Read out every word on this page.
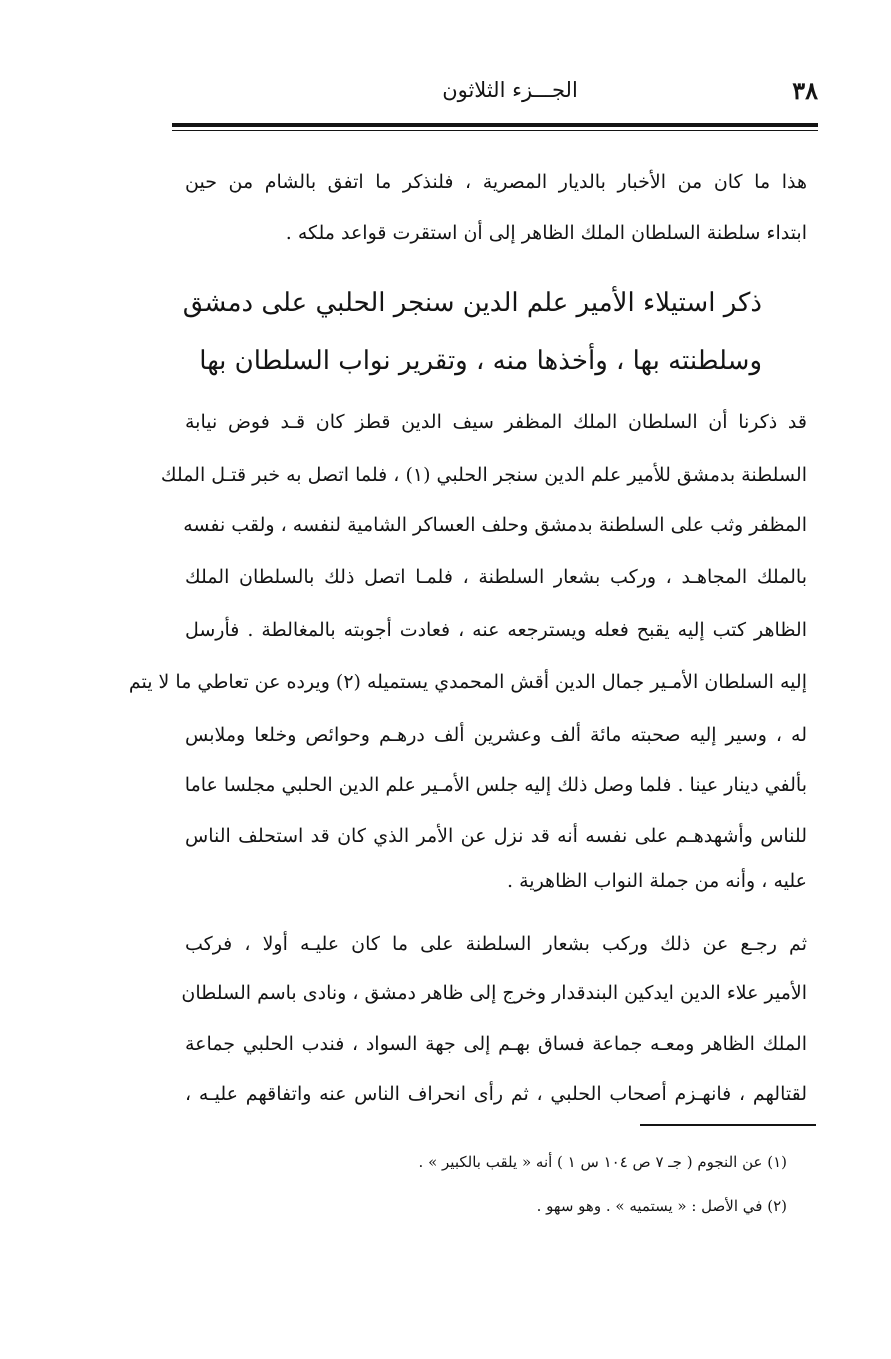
٣٨
الجـــزء الثلاثون
هذا ما كان من الأخبار بالديار المصرية ، فلنذكر ما اتفق بالشام من حين
ابتداء سلطنة السلطان الملك الظاهر إلى أن استقرت قواعد ملكه .
ذكر استيلاء الأمير علم الدين سنجر الحلبي على دمشق
وسلطنته بها ، وأخذها منه ، وتقرير نواب السلطان بها
قد ذكرنا أن السلطان الملك المظفر سيف الدين قطز كان قـد فوض نيابة
السلطنة بدمشق للأمير علم الدين سنجر الحلبي (١) ، فلما اتصل به خبر قتـل الملك
المظفر وثب على السلطنة بدمشق وحلف العساكر الشامية لنفسه ، ولقب نفسه
بالملك المجاهـد ، وركب بشعار السلطنة ، فلمـا اتصل ذلك بالسلطان الملك
الظاهر كتب إليه يقبح فعله ويسترجعه عنه ، فعادت أجوبته بالمغالطة . فأرسل
إليه السلطان الأمـير جمال الدين أقش المحمدي يستميله (٢) ويرده عن تعاطي ما لا يتم
له ، وسير إليه صحبته مائة ألف وعشرين ألف درهـم وحوائص وخلعا وملابس
بألفي دينار عينا . فلما وصل ذلك إليه جلس الأمـير علم الدين الحلبي مجلسا عاما
للناس وأشهدهـم على نفسه أنه قد نزل عن الأمر الذي كان قد استحلف الناس
عليه ، وأنه من جملة النواب الظاهرية .
ثم رجـع عن ذلك وركب بشعار السلطنة على ما كان عليـه أولا ، فركب
الأمير علاء الدين ايدكين البندقدار وخرج إلى ظاهر دمشق ، ونادى باسم السلطان
الملك الظاهر ومعـه جماعة فساق بهـم إلى جهة السواد ، فندب الحلبي جماعة
لقتالهم ، فانهـزم أصحاب الحلبي ، ثم رأى انحراف الناس عنه واتفاقهم عليـه ،
(١) عن النجوم ( جـ ٧ ص ١٠٤ س ١ ) أنه « يلقب بالكبير » .
(٢) في الأصل : « يستميه » . وهو سهو .
